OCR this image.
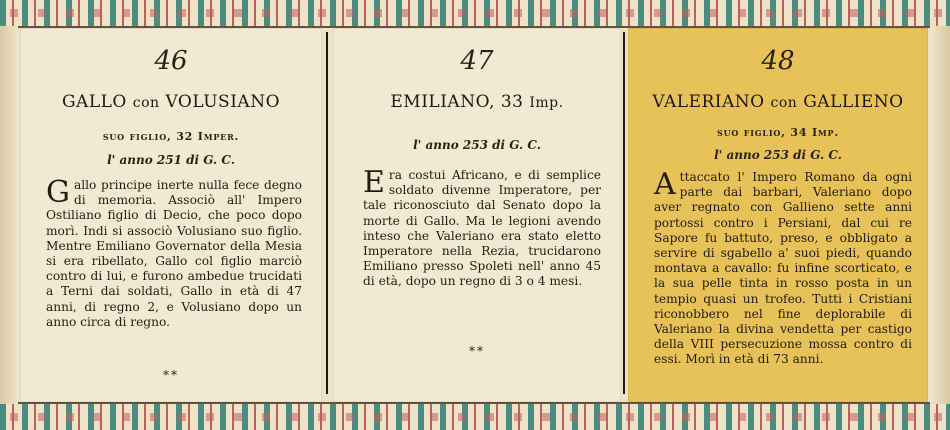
46
GALLO con VOLUSIANO
suo figlio, 32 Imper.
l' anno 251 di G. C.
Gallo principe inerte nulla fece degno di memoria. Associò all' Impero Ostiliano figlio di Decio, che poco dopo morì. Indi si associò Volusiano suo figlio. Mentre Emiliano Governator della Mesia si era ribellato, Gallo col figlio marciò contro di lui, e furono ambedue trucidati a Terni dai soldati, Gallo in età di 47 anni, di regno 2, e Volusiano dopo un anno circa di regno.
**
47
EMILIANO, 33 Imp.
l' anno 253 di G. C.
Era costui Africano, e di semplice soldato divenne Imperatore, per tale riconosciuto dal Senato dopo la morte di Gallo. Ma le legioni avendo inteso che Valeriano era stato eletto Imperatore nella Rezia, trucidarono Emiliano presso Spoleti nell' anno 45 di età, dopo un regno di 3 o 4 mesi.
**
48
VALERIANO con GALLIENO
suo figlio, 34 Imp.
l' anno 253 di G. C.
Attaccato l' Impero Romano da ogni parte dai barbari, Valeriano dopo aver regnato con Gallieno sette anni portossi contro i Persiani, dal cui re Sapore fu battuto, preso, e obbligato a servire di sgabello a' suoi piedi, quando montava a cavallo: fu infine scorticato, e la sua pelle tinta in rosso posta in un tempio quasi un trofeo. Tutti i Cristiani riconobbero nel fine deplorabile di Valeriano la divina vendetta per castigo della VIII persecuzione mossa contro di essi. Morì in età di 73 anni.
